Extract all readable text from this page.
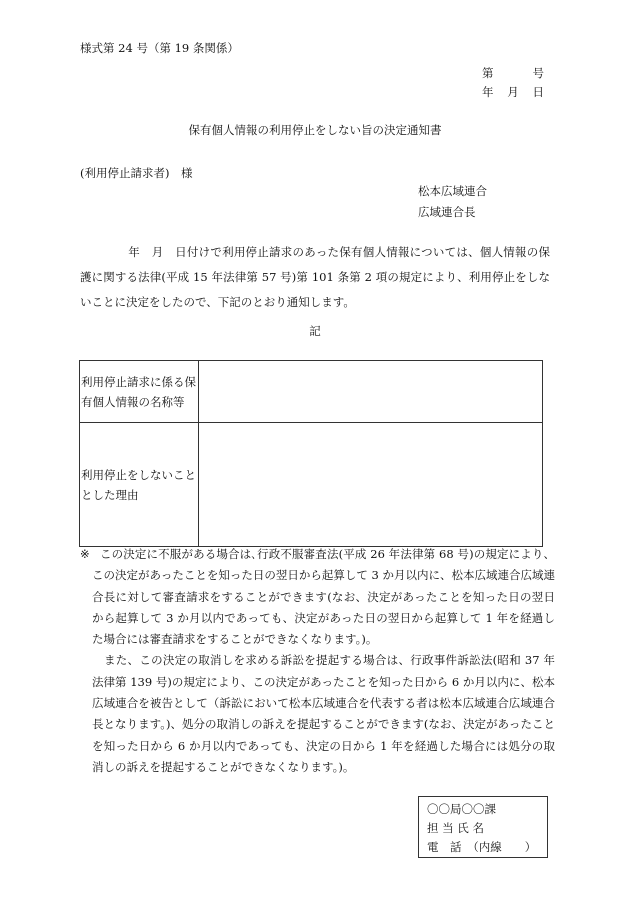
様式第 24 号（第 19 条関係）
第	号
年 月 日
保有個人情報の利用停止をしない旨の決定通知書
(利用停止請求者)　様
松本広域連合
広域連合長
年　月　日付けで利用停止請求のあった保有個人情報については、個人情報の保護に関する法律(平成 15 年法律第 57 号)第 101 条第 2 項の規定により、利用停止をしないことに決定をしたので、下記のとおり通知します。
記
利用停止請求に係る保有個人情報の名称等	
利用停止をしないこととした理由	
※ この決定に不服がある場合は､行政不服審査法(平成 26 年法律第 68 号)の規定により、この決定があったことを知った日の翌日から起算して 3 か月以内に、松本広域連合広域連合長に対して審査請求をすることができます(なお、決定があったことを知った日の翌日から起算して 3 か月以内であっても、決定があった日の翌日から起算して 1 年を経過した場合には審査請求をすることができなくなります。)。
また、この決定の取消しを求める訴訟を提起する場合は、行政事件訴訟法(昭和 37 年法律第 139 号)の規定により、この決定があったことを知った日から 6 か月以内に、松本広域連合を被告として（訴訟において松本広域連合を代表する者は松本広域連合広域連合長となります。)、処分の取消しの訴えを提起することができます(なお、決定があったことを知った日から 6 か月以内であっても、決定の日から 1 年を経過した場合には処分の取消しの訴えを提起することができなくなります。)。
〇〇局〇〇課
担 当 氏 名
電　話　（内線　　）
